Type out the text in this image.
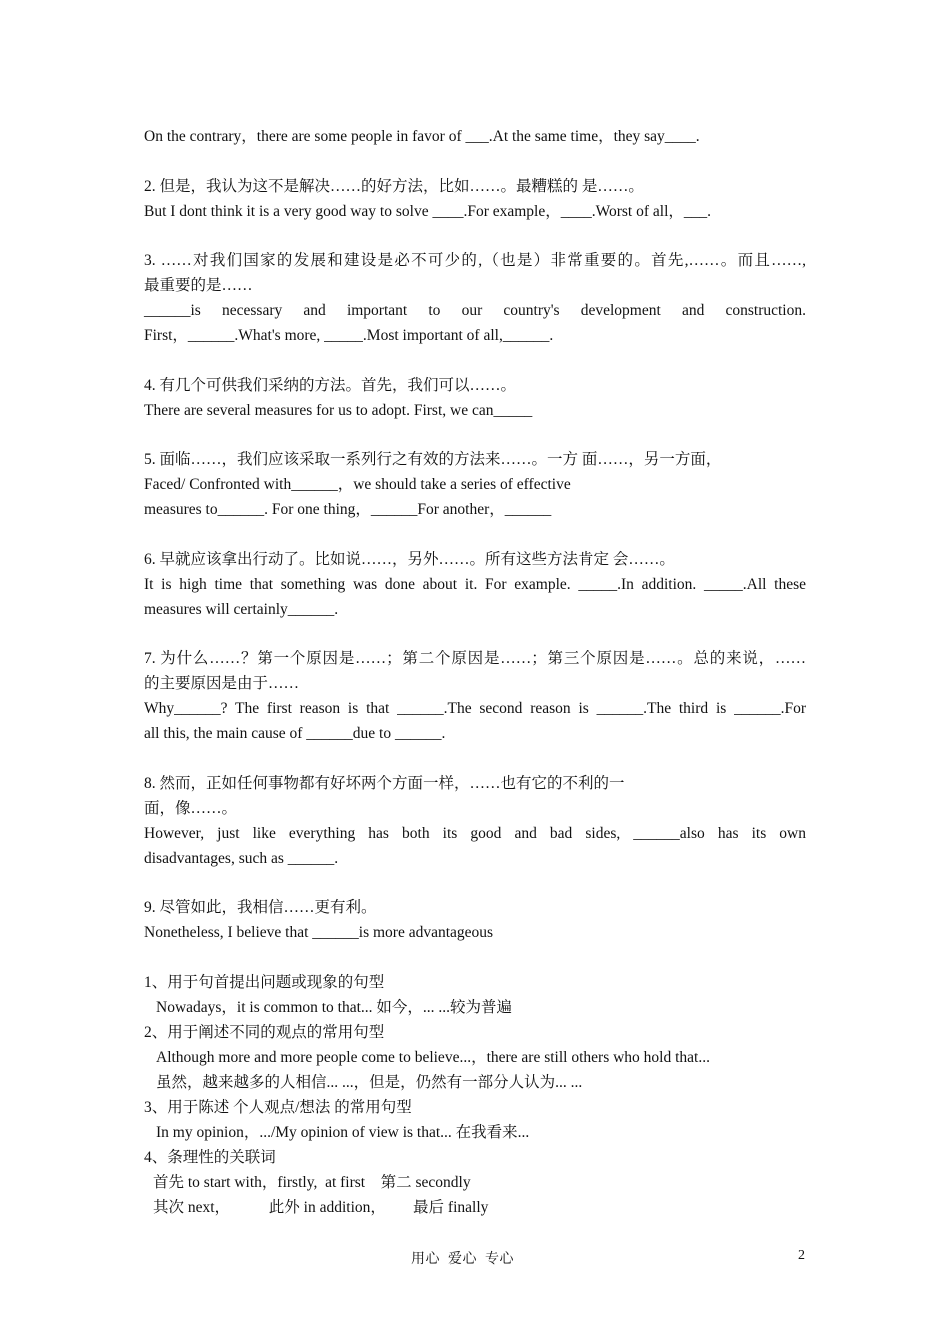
On the contrary，there are some people in favor of ___.At the same time，they say____.
2. 但是，我认为这不是解决……的好方法，比如……。最糟糕的 是……。
But I dont think it is a very good way to solve ____.For example，____.Worst of all，___.
3. ……对我们国家的发展和建设是必不可少的,（也是）非常重要的。首先,……。而且……,
最重要的是……
______is necessary and important to our country's development and construction.
First，______.What's more, _____.Most important of all,______.
4. 有几个可供我们采纳的方法。首先，我们可以……。
There are several measures for us to adopt. First, we can_____
5. 面临……，我们应该采取一系列行之有效的方法来……。一方 面……，另一方面，
Faced/ Confronted with______，we should take a series of effective
measures to______. For one thing，______For another，______
6. 早就应该拿出行动了。比如说……，另外……。所有这些方法肯定 会……。
It is high time that something was done about it. For example. _____.In addition. _____.All these
measures will certainly______.
7. 为什么……？第一个原因是……；第二个原因是……；第三个原因是……。总的来说，……
的主要原因是由于……
Why______? The first reason is that ______.The second reason is ______.The third is ______.For
all this, the main cause of ______due to ______.
8. 然而，正如任何事物都有好坏两个方面一样，……也有它的不利的一
面，像……。
However, just like everything has both its good and bad sides, ______also has its own
disadvantages, such as ______.
9. 尽管如此，我相信……更有利。
Nonetheless, I believe that ______is more advantageous
1、用于句首提出问题或现象的句型
Nowadays，it is common to that... 如今，... ...较为普遍
2、用于阐述不同的观点的常用句型
Although more and more people come to believe...，there are still others who hold that...
虽然，越来越多的人相信... ...，但是，仍然有一部分人认为... ...
3、用于陈述 个人观点/想法 的常用句型
In my opinion，.../My opinion of view is that... 在我看来...
4、条理性的关联词
首先 to start with，firstly,  at first    第二 secondly
其次 next，          此外 in addition，       最后 finally
用心  爱心  专心	2
